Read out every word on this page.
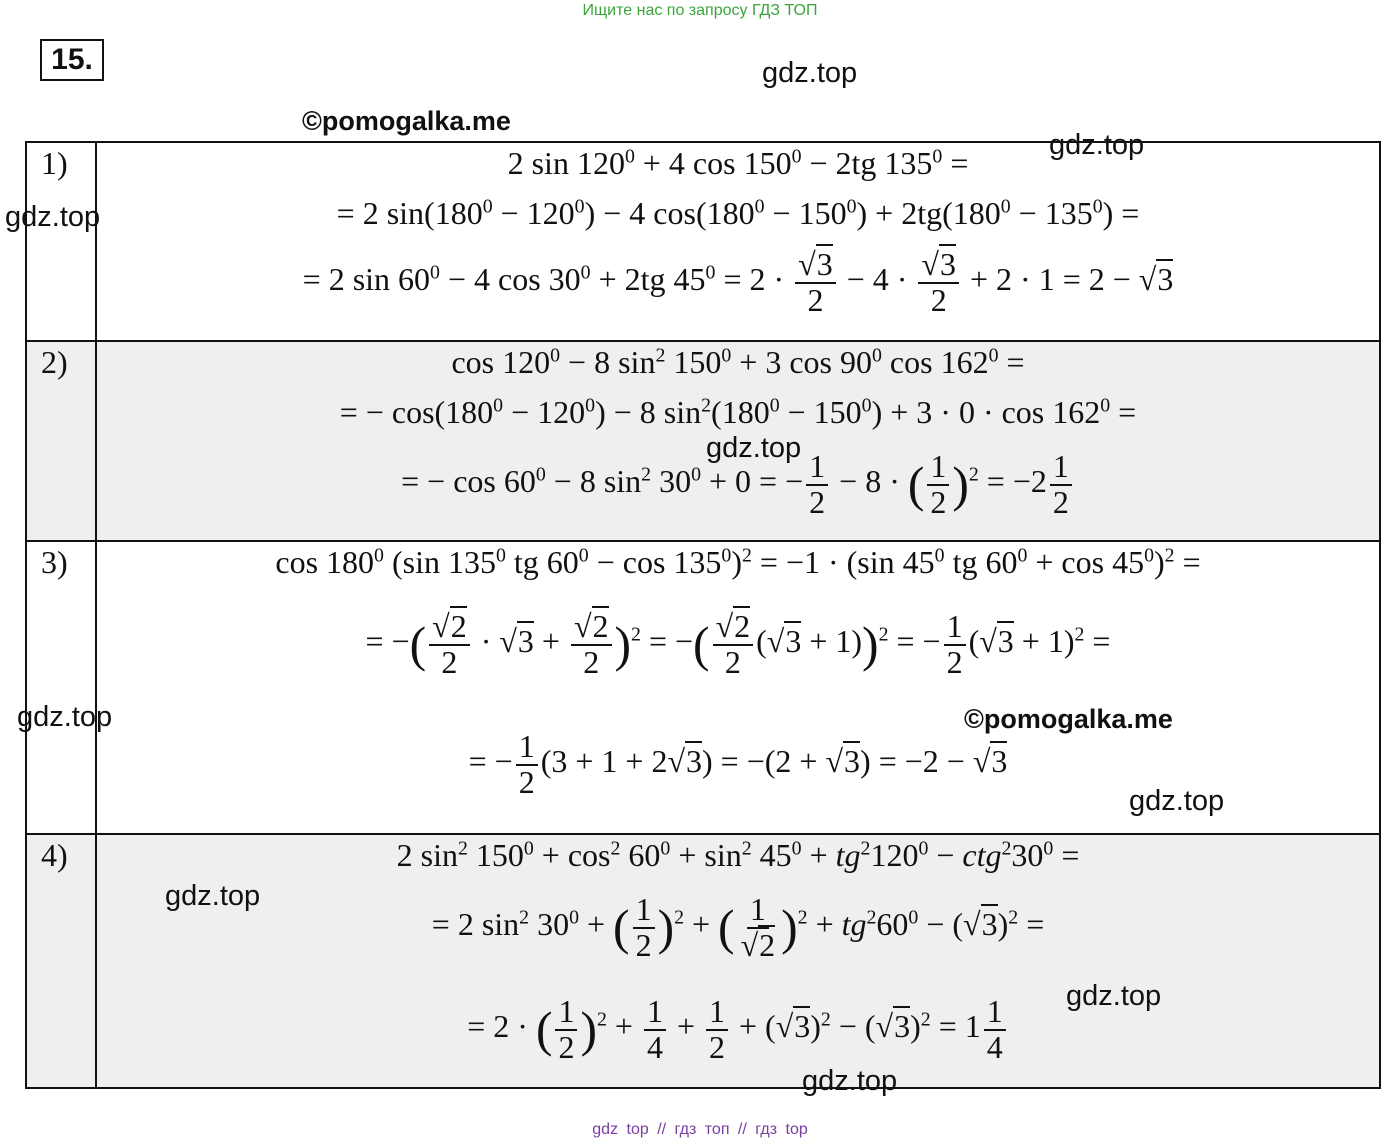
Ищите нас по запросу ГДЗ ТОП
15.	gdz.top
©pomogalka.me
1)	2 $\sin 120^0 + 4$ $\cos 150^0 - 2tg$ $135^0$ =
= 2 $\sin(180^0 - 120^0) - 4$ $\cos(180^0 - 150^0) + 2tg(180^0 - 135^0)$ =
= 2 $\sin 60^0 - 4$ $\cos 30^0 + 2tg$ $45^0 = 2 \cdot \frac{√3}{2} - 4 \cdot \frac{√3}{2} + 2 \cdot 1 = 2 - √3$
2)	$\cos 120^0 - 8$ $\sin^2 150^0 + 3$ $\cos 90^0$ $\cos 162^0$ =
= − $\cos(180^0 - 120^0) - 8$ $\sin^2(180^0 - 150^0) + 3 \cdot 0 \cdot \cos 162^0$ =
= − $\cos 60^0 - 8$ $\sin^2 30^0 + 0$ = − $\frac{1}{2} - 8$ · ( $\frac{1}{2} )^2 = -2 \frac{1}{2}$
3)	$\cos 180^0$ (sin $135^0$ tg $60^0 - \cos 135^0)^2 = -1 \cdot (\sin$ $45^0$ tg $60^0 + \cos 45^0)^2$ =
= −( $\frac{√2}{2} \cdot √3 + \frac{√2}{2} )^2$ = −( $\frac{√2}{2} (√3 + 1))^2$ = − $\frac{1}{2} (√3 + 1)^2$ =
= − $\frac{1}{2} (3 + 1 + 2√3) = -(2 + √3) = -2 - √3$
4)	2 $\sin^2 150^0 + \cos^2 60^0 + \sin^2 45^0 + tg^2120^0 - ctg^230^0$ =
= 2 $\sin^2 30^0$ + ( $\frac{1}{2} )^2$ + ( $\frac{1}{√2} )^2 + tg^260^0 - (√3)^2$ =
= 2 · ( $\frac{1}{2} )^2 + \frac{1}{4} + \frac{1}{2} + (√3)^2 - (√3)^2 = 1 \frac{1}{4}$
gdz.top
gdz.top
gdz.top
gdz.top	©pomogalka.me
gdz.top
gdz.top
gdz.top
gdz.top
gdz top // гдз топ // гдз top
